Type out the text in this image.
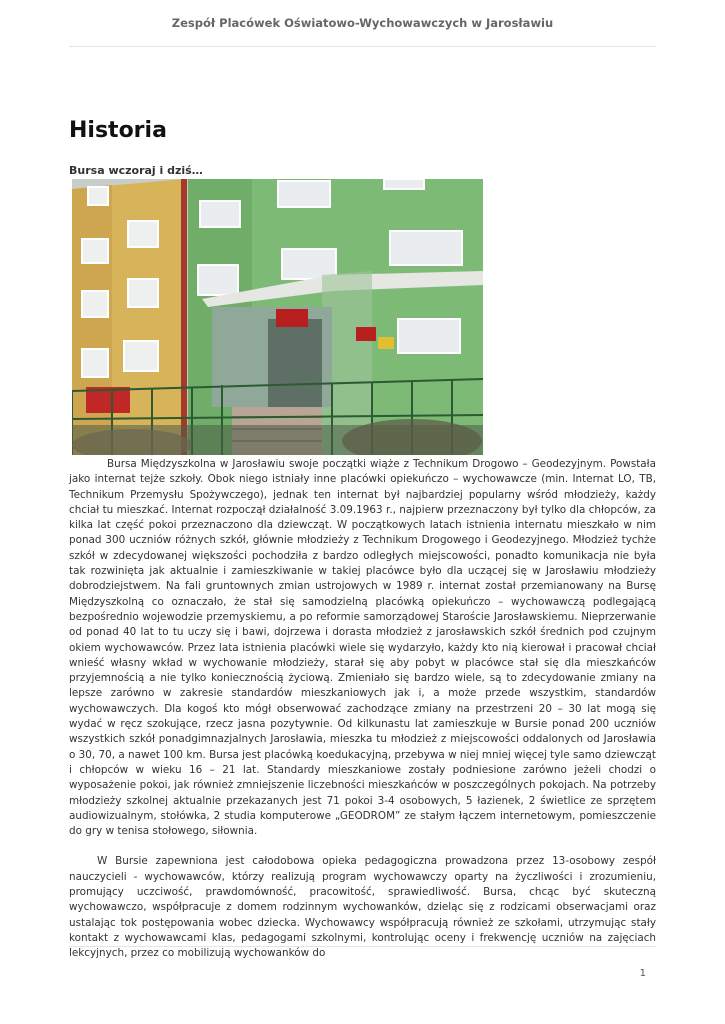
Zespół Placówek Oświatowo-Wychowawczych w Jarosławiu
Historia
Bursa wczoraj i dziś…

Bursa Międzyszkolna w Jarosławiu swoje początki wiąże z Technikum Drogowo – Geodezyjnym. Powstała jako internat tejże szkoły. Obok niego istniały inne placówki opiekuńczo – wychowawcze (min. Internat LO, TB, Technikum Przemysłu Spożywczego), jednak ten internat był najbardziej popularny wśród młodzieży, każdy chciał tu mieszkać. Internat rozpoczął działalność 3.09.1963 r., najpierw przeznaczony był tylko dla chłopców, za kilka lat część pokoi przeznaczono dla dziewcząt. W początkowych latach istnienia internatu mieszkało w nim ponad 300 uczniów różnych szkół, głównie młodzieży z Technikum Drogowego i Geodezyjnego. Młodzież tychże szkół w zdecydowanej większości pochodziła z bardzo odległych miejscowości, ponadto komunikacja nie była tak rozwinięta jak aktualnie i zamieszkiwanie w takiej placówce było dla uczącej się w Jarosławiu młodzieży dobrodziejstwem. Na fali gruntownych zmian ustrojowych w 1989 r. internat został przemianowany na Bursę Międzyszkolną co oznaczało, że stał się samodzielną placówką opiekuńczo – wychowawczą podlegającą bezpośrednio wojewodzie przemyskiemu, a po reformie samorządowej Staroście Jarosławskiemu. Nieprzerwanie od ponad 40 lat to tu uczy się i bawi, dojrzewa i dorasta młodzież z jarosławskich szkół średnich pod czujnym okiem wychowawców. Przez lata istnienia placówki wiele się wydarzyło, każdy kto nią kierował i pracował chciał wnieść własny wkład w wychowanie młodzieży, starał się aby pobyt w placówce stał się dla mieszkańców przyjemnością a nie tylko koniecznością życiową. Zmieniało się bardzo wiele, są to zdecydowanie zmiany na lepsze zarówno w zakresie standardów mieszkaniowych jak i, a może przede wszystkim, standardów wychowawczych. Dla kogoś kto mógł obserwować zachodzące zmiany na przestrzeni 20 – 30 lat mogą się wydać w ręcz szokujące, rzecz jasna pozytywnie. Od kilkunastu lat zamieszkuje w Bursie ponad 200 uczniów wszystkich szkół ponadgimnazjalnych Jarosławia, mieszka tu młodzież z miejscowości oddalonych od Jarosławia o 30, 70, a nawet 100 km. Bursa jest placówką koedukacyjną, przebywa w niej mniej więcej tyle samo dziewcząt i chłopców w wieku 16 – 21 lat. Standardy mieszkaniowe zostały podniesione zarówno jeżeli chodzi o wyposażenie pokoi, jak również zmniejszenie liczebności mieszkańców w poszczególnych pokojach. Na potrzeby młodzieży szkolnej aktualnie przekazanych jest 71 pokoi 3-4 osobowych, 5 łazienek, 2 świetlice ze sprzętem audiowizualnym, stołówka, 2 studia komputerowe „GEODROM” ze stałym łączem internetowym, pomieszczenie do gry w tenisa stołowego, siłownia.

W Bursie zapewniona jest całodobowa opieka pedagogiczna prowadzona przez 13-osobowy zespół nauczycieli - wychowawców, którzy realizują program wychowawczy oparty na życzliwości i zrozumieniu, promujący uczciwość, prawdomówność, pracowitość, sprawiedliwość. Bursa, chcąc być skuteczną wychowawczo, współpracuje z domem rodzinnym wychowanków, dzieląc się z rodzicami obserwacjami oraz ustalając tok postępowania wobec dziecka. Wychowawcy współpracują również ze szkołami, utrzymując stały kontakt z wychowawcami klas, pedagogami szkolnymi, kontrolując oceny i frekwencję uczniów na zajęciach lekcyjnych, przez co mobilizują wychowanków do

1
